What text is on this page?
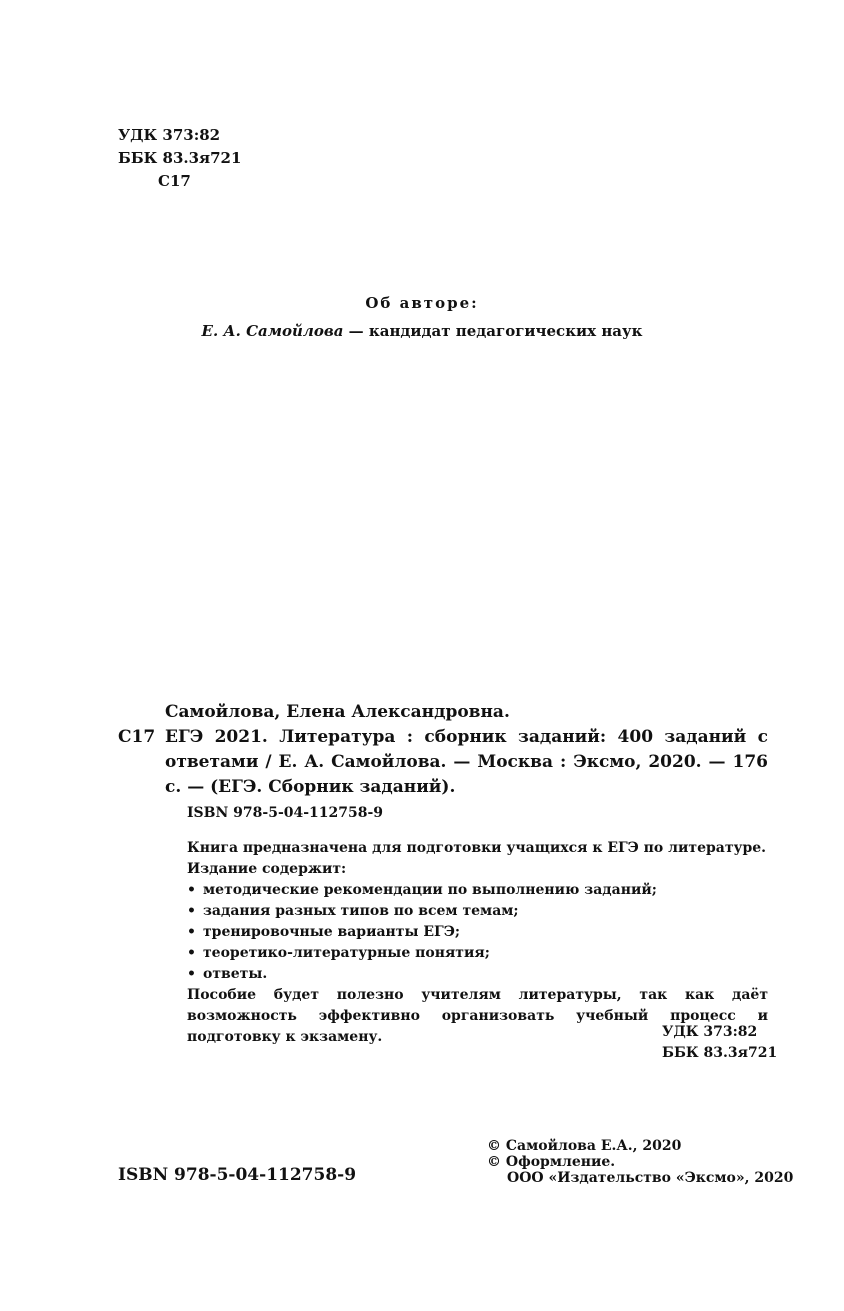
УДК 373:82
ББК 83.3я721
С17
Об авторе:
Е. А. Самойлова — кандидат педагогических наук
Самойлова, Елена Александровна.
С17 ЕГЭ 2021. Литература : сборник заданий: 400 заданий с ответами / Е. А. Самойлова. — Москва : Эксмо, 2020. — 176 с. — (ЕГЭ. Сборник заданий).
ISBN 978-5-04-112758-9
Книга предназначена для подготовки учащихся к ЕГЭ по литературе.
Издание содержит:
• методические рекомендации по выполнению заданий;
• задания разных типов по всем темам;
• тренировочные варианты ЕГЭ;
• теоретико-литературные понятия;
• ответы.
Пособие будет полезно учителям литературы, так как даёт возможность эффективно организовать учебный процесс и подготовку к экзамену.	УДК 373:82
ББК 83.3я721
ISBN 978-5-04-112758-9
© Самойлова Е.А., 2020
© Оформление.
ООО «Издательство «Эксмо», 2020
